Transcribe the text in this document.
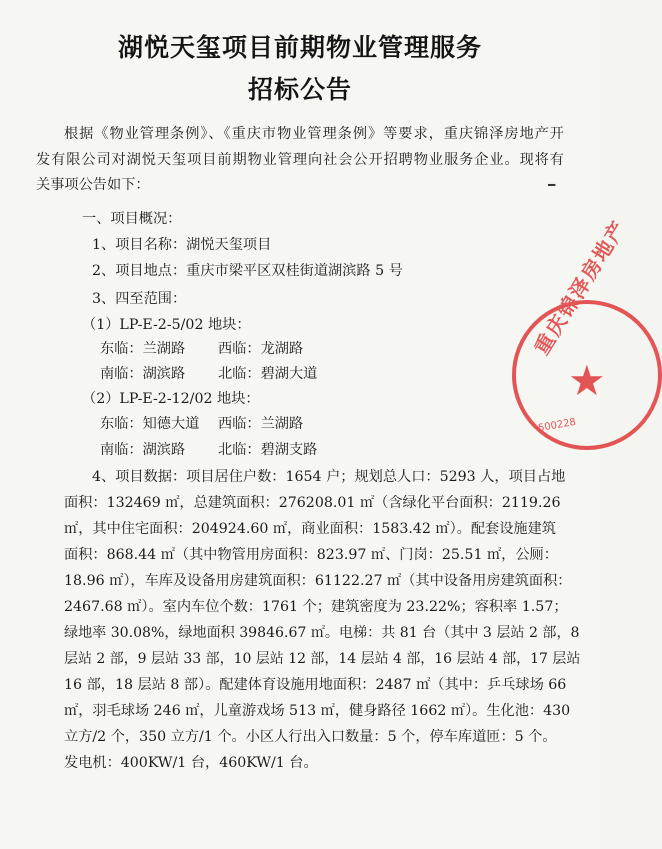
湖悦天玺项目前期物业管理服务
招标公告
根据《物业管理条例》、《重庆市物业管理条例》等要求，重庆锦泽房地产开
发有限公司对湖悦天玺项目前期物业管理向社会公开招聘物业服务企业。现将有
关事项公告如下：	━
一、项目概况：
1、项目名称：湖悦天玺项目
2、项目地点：重庆市梁平区双桂街道湖滨路 5 号
3、四至范围：
（1）LP-E-2-5/02 地块：
东临：兰湖路 西临：龙湖路
南临：湖滨路 北临：碧湖大道
（2）LP-E-2-12/02 地块：
东临：知德大道 西临：兰湖路
南临：湖滨路 北临：碧湖支路
4、项目数据：项目居住户数：1654 户；规划总人口：5293 人，项目占地
面积：132469 ㎡，总建筑面积：276208.01 ㎡（含绿化平台面积：2119.26
㎡，其中住宅面积：204924.60 ㎡，商业面积：1583.42 ㎡）。配套设施建筑
面积：868.44 ㎡（其中物管用房面积：823.97 ㎡、门岗：25.51 ㎡，公厕：
18.96 ㎡），车库及设备用房建筑面积：61122.27 ㎡（其中设备用房建筑面积：
2467.68 ㎡）。室内车位个数：1761 个；建筑密度为 23.22%；容积率 1.57；
绿地率 30.08%，绿地面积 39846.67 ㎡。电梯：共 81 台（其中 3 层站 2 部，8
层站 2 部，9 层站 33 部，10 层站 12 部，14 层站 4 部，16 层站 4 部，17 层站
16 部，18 层站 8 部）。配建体育设施用地面积：2487 ㎡（其中：乒乓球场 66
㎡，羽毛球场 246 ㎡，儿童游戏场 513 ㎡，健身路径 1662 ㎡）。生化池：430
立方/2 个，350 立方/1 个。小区人行出入口数量：5 个，停车库道匝：5 个。
发电机：400KW/1 台，460KW/1 台。
重庆锦泽房地产
★
500228
